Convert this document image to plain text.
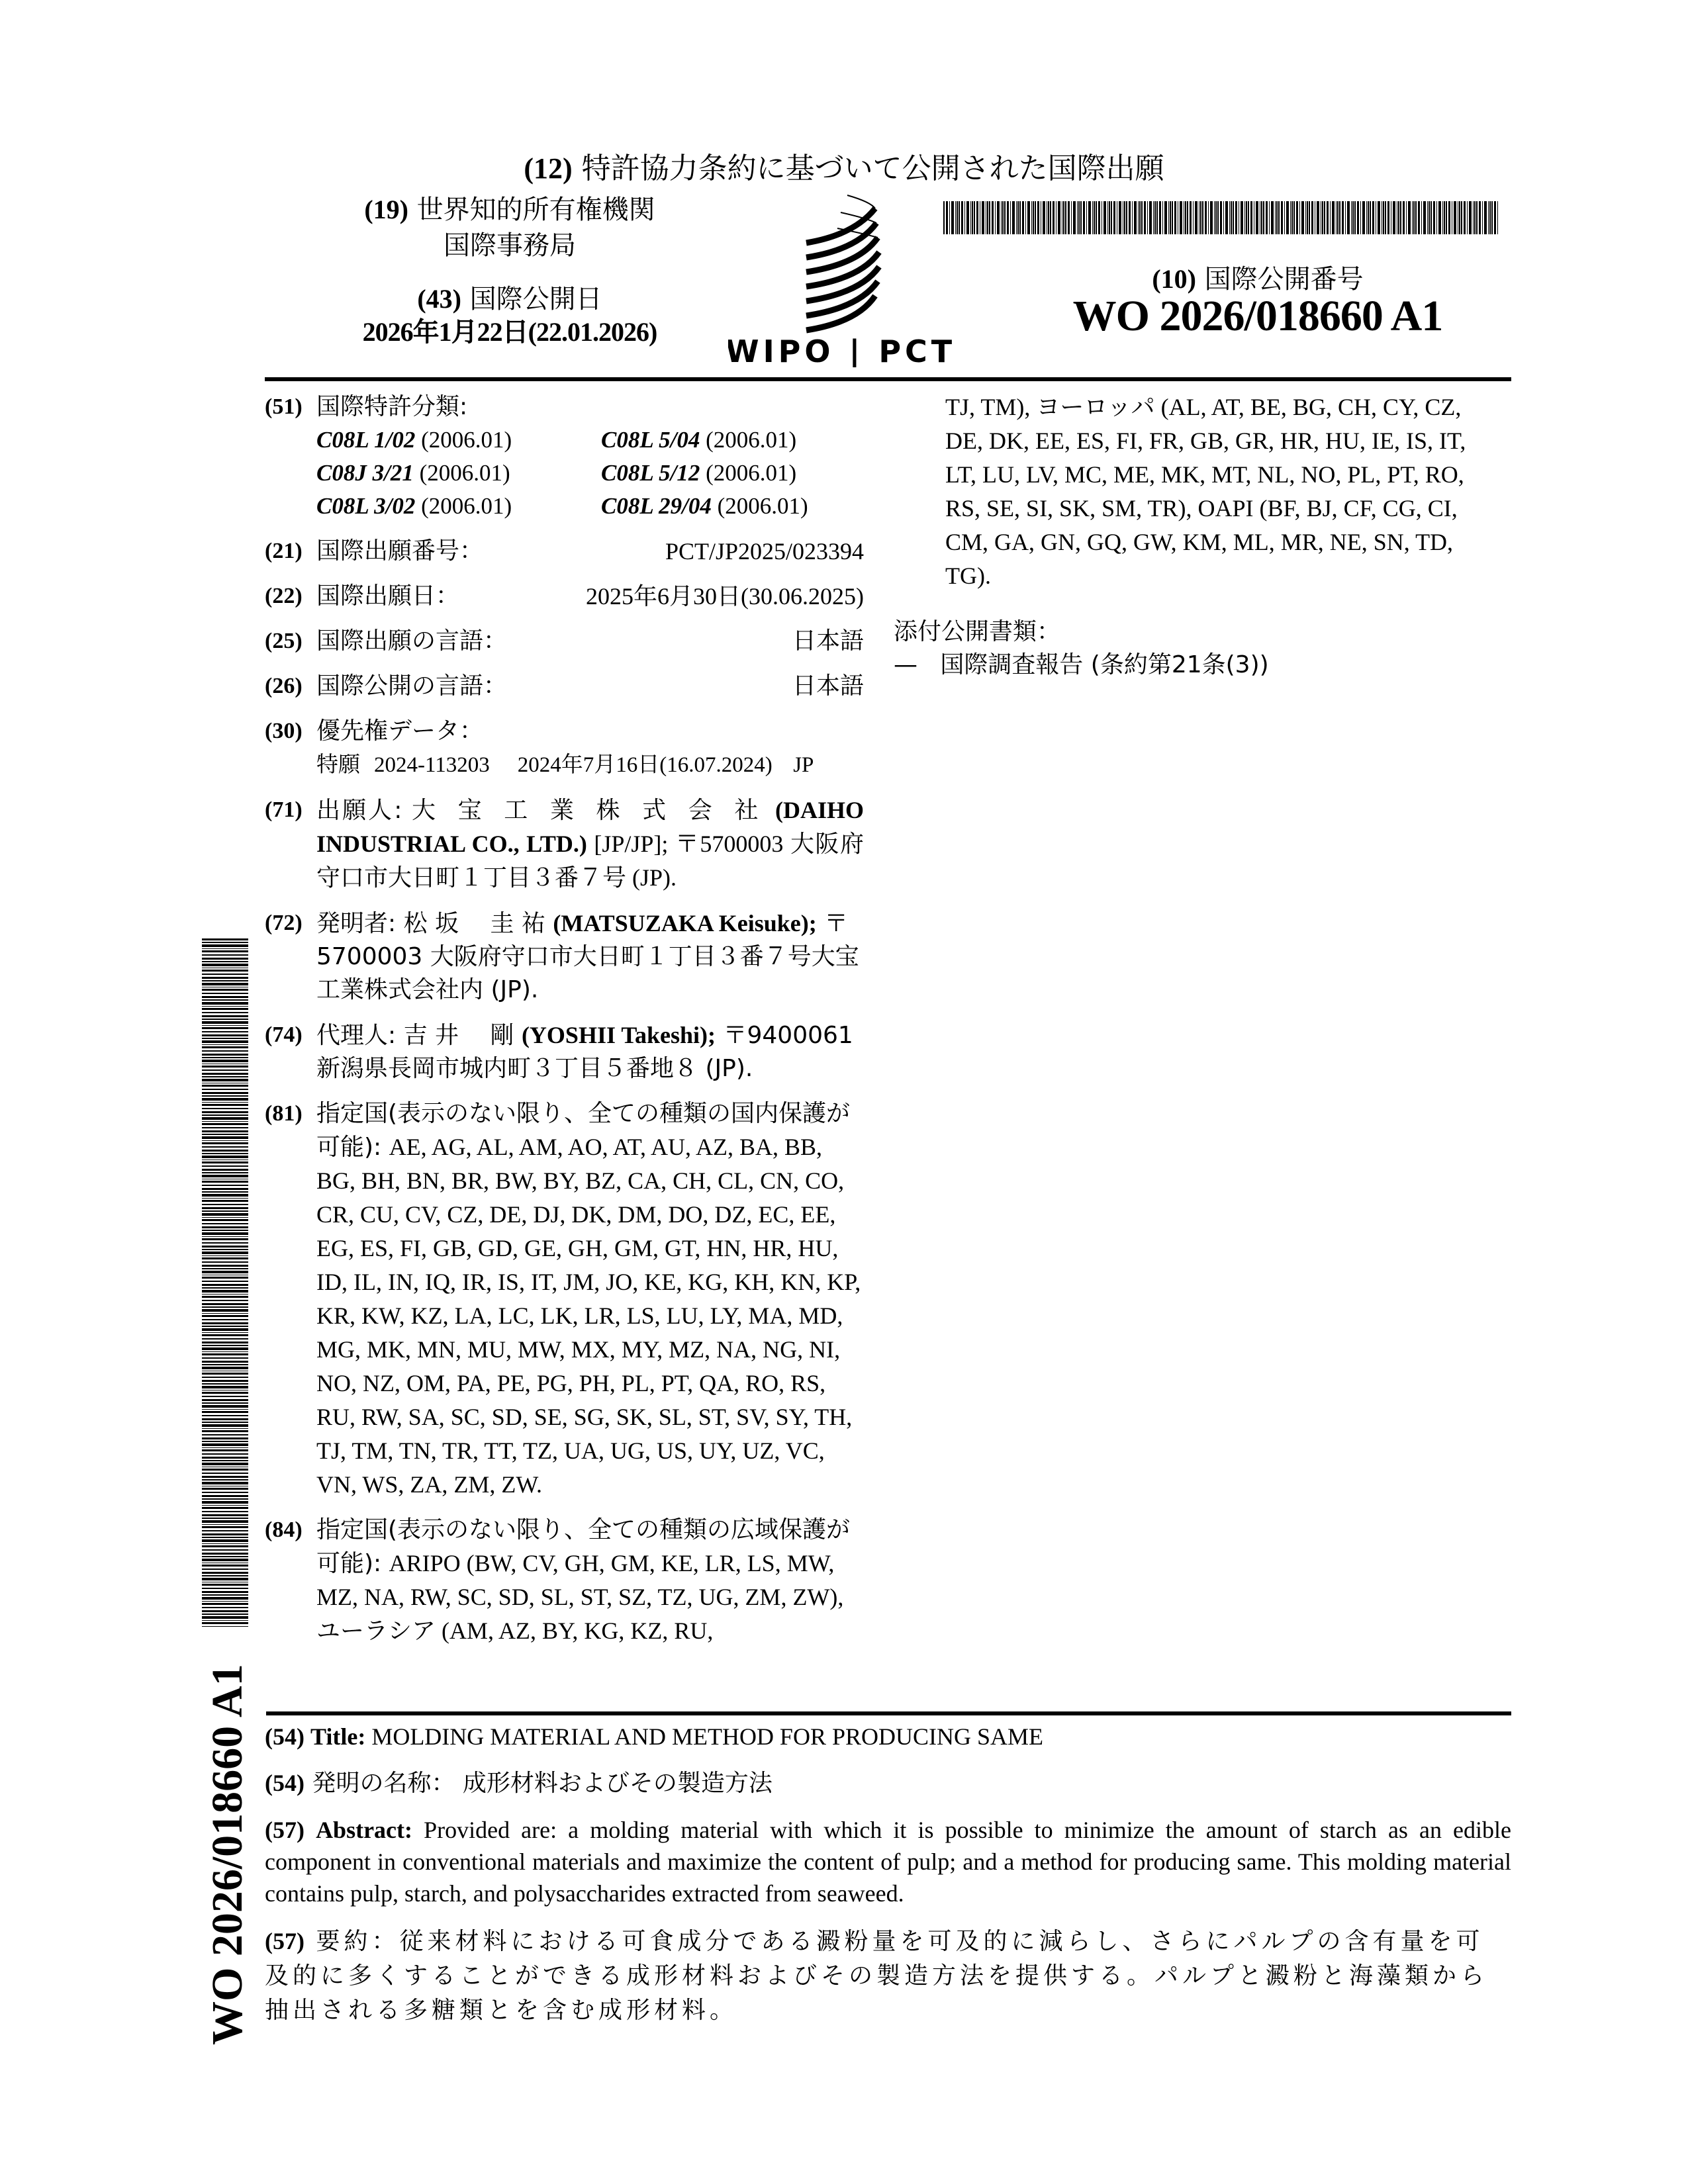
(12) 特許協力条約に基づいて公開された国際出願
(19) 世界知的所有権機関
国際事務局
(43) 国際公開日
2026年1月22日(22.01.2026)
WIPO | PCT
(10) 国際公開番号
WO 2026/018660 A1
(51) 国際特許分類:
C08L 1/02 (2006.01)	C08L 5/04 (2006.01)
C08J 3/21 (2006.01)	C08L 5/12 (2006.01)
C08L 3/02 (2006.01)	C08L 29/04 (2006.01)
(21) 国際出願番号：	PCT/JP2025/023394
(22) 国際出願日：	2025年6月30日(30.06.2025)
(25) 国際出願の言語：	日本語
(26) 国際公開の言語：	日本語
(30) 優先権データ：
特願 2024-113203 2024年7月16日(16.07.2024) JP
(71) 出願人: 大 宝 工 業 株 式 会 社 (DAIHO INDUSTRIAL CO., LTD.) [JP/JP]; 〒5700003 大阪府守口市大日町１丁目３番７号 (JP).
(72) 発明者: 松 坂　 圭 祐 (MATSUZAKA Keisuke); 〒5700003 大阪府守口市大日町１丁目３番７号大宝工業株式会社内 (JP).
(74) 代理人: 吉 井　 剛 (YOSHII Takeshi); 〒9400061 新潟県長岡市城内町３丁目５番地８ (JP).
(81) 指定国(表示のない限り、全ての種類の国内保護が可能): AE, AG, AL, AM, AO, AT, AU, AZ, BA, BB, BG, BH, BN, BR, BW, BY, BZ, CA, CH, CL, CN, CO, CR, CU, CV, CZ, DE, DJ, DK, DM, DO, DZ, EC, EE, EG, ES, FI, GB, GD, GE, GH, GM, GT, HN, HR, HU, ID, IL, IN, IQ, IR, IS, IT, JM, JO, KE, KG, KH, KN, KP, KR, KW, KZ, LA, LC, LK, LR, LS, LU, LY, MA, MD, MG, MK, MN, MU, MW, MX, MY, MZ, NA, NG, NI, NO, NZ, OM, PA, PE, PG, PH, PL, PT, QA, RO, RS, RU, RW, SA, SC, SD, SE, SG, SK, SL, ST, SV, SY, TH, TJ, TM, TN, TR, TT, TZ, UA, UG, US, UY, UZ, VC, VN, WS, ZA, ZM, ZW.
(84) 指定国(表示のない限り、全ての種類の広域保護が可能): ARIPO (BW, CV, GH, GM, KE, LR, LS, MW, MZ, NA, RW, SC, SD, SL, ST, SZ, TZ, UG, ZM, ZW), ユーラシア (AM, AZ, BY, KG, KZ, RU,
TJ, TM), ヨーロッパ (AL, AT, BE, BG, CH, CY, CZ, DE, DK, EE, ES, FI, FR, GB, GR, HR, HU, IE, IS, IT, LT, LU, LV, MC, ME, MK, MT, NL, NO, PL, PT, RO, RS, SE, SI, SK, SM, TR), OAPI (BF, BJ, CF, CG, CI, CM, GA, GN, GQ, GW, KM, ML, MR, NE, SN, TD, TG).
添付公開書類：
— 国際調査報告 (条約第21条(3))

(54) Title: MOLDING MATERIAL AND METHOD FOR PRODUCING SAME

(54) 発明の名称： 成形材料およびその製造方法

(57) Abstract: Provided are: a molding material with which it is possible to minimize the amount of starch as an edible component in conventional materials and maximize the content of pulp; and a method for producing same. This molding material contains pulp, starch, and polysaccharides extracted from seaweed.

(57) 要約：従来材料における可食成分である澱粉量を可及的に減らし、さらにパルプの含有量を可及的に多くすることができる成形材料およびその製造方法を提供する。パルプと澱粉と海藻類から抽出される多糖類とを含む成形材料。

WO 2026/018660 A1
